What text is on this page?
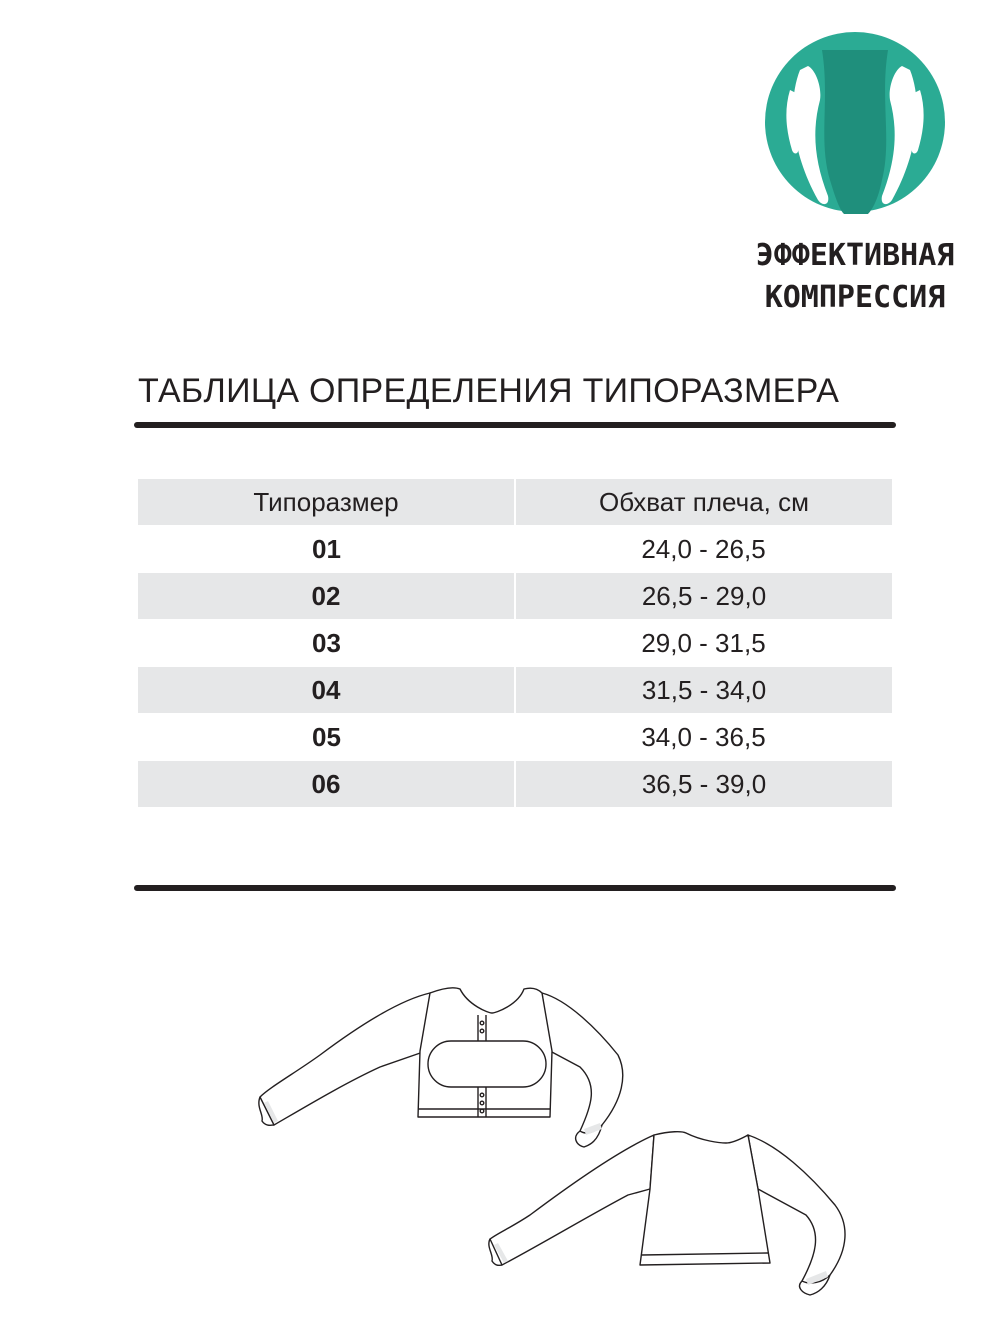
ЭФФЕКТИВНАЯ
КОМПРЕССИЯ
ТАБЛИЦА ОПРЕДЕЛЕНИЯ ТИПОРАЗМЕРА
Типоразмер	Обхват плеча, см
01	24,0 - 26,5
02	26,5 - 29,0
03	29,0 - 31,5
04	31,5 - 34,0
05	34,0 - 36,5
06	36,5 - 39,0
